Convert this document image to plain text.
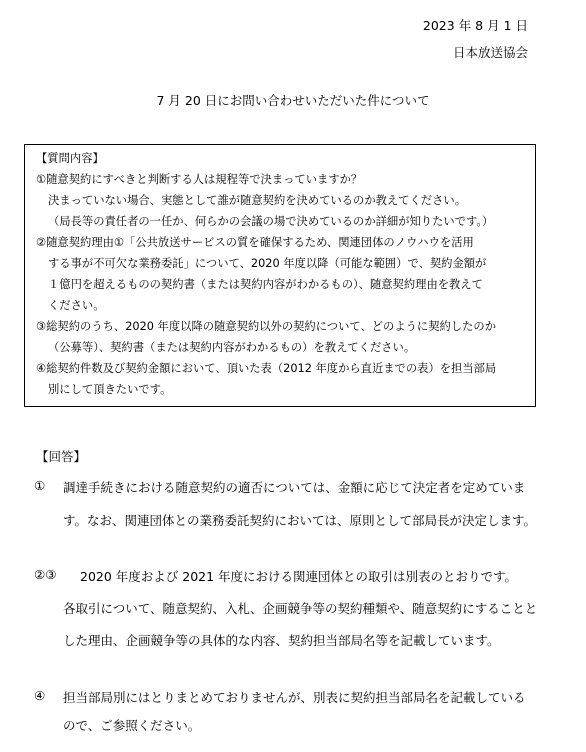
2023 年 8 月 1 日
日本放送協会
7 月 20 日にお問い合わせいただいた件について
【質問内容】
①随意契約にすべきと判断する人は規程等で決まっていますか？
決まっていない場合、実態として誰が随意契約を決めているのか教えてください。
（局長等の責任者の一任か、何らかの会議の場で決めているのか詳細が知りたいです。）
②随意契約理由①「公共放送サービスの質を確保するため、関連団体のノウハウを活用
する事が不可欠な業務委託」について、2020 年度以降（可能な範囲）で、契約金額が
１億円を超えるものの契約書（または契約内容がわかるもの）、随意契約理由を教えて
ください。
③総契約のうち、2020 年度以降の随意契約以外の契約について、どのように契約したのか
（公募等）、契約書（または契約内容がわかるもの）を教えてください。
④総契約件数及び契約金額において、頂いた表（2012 年度から直近までの表）を担当部局
別にして頂きたいです。
【回答】
① 調達手続きにおける随意契約の適否については、金額に応じて決定者を定めていま
す。なお、関連団体との業務委託契約においては、原則として部局長が決定します。
②③ 2020 年度および 2021 年度における関連団体との取引は別表のとおりです。
各取引について、随意契約、入札、企画競争等の契約種類や、随意契約にすることと
した理由、企画競争等の具体的な内容、契約担当部局名等を記載しています。
④ 担当部局別にはとりまとめておりませんが、別表に契約担当部局名を記載している
ので、ご参照ください。
